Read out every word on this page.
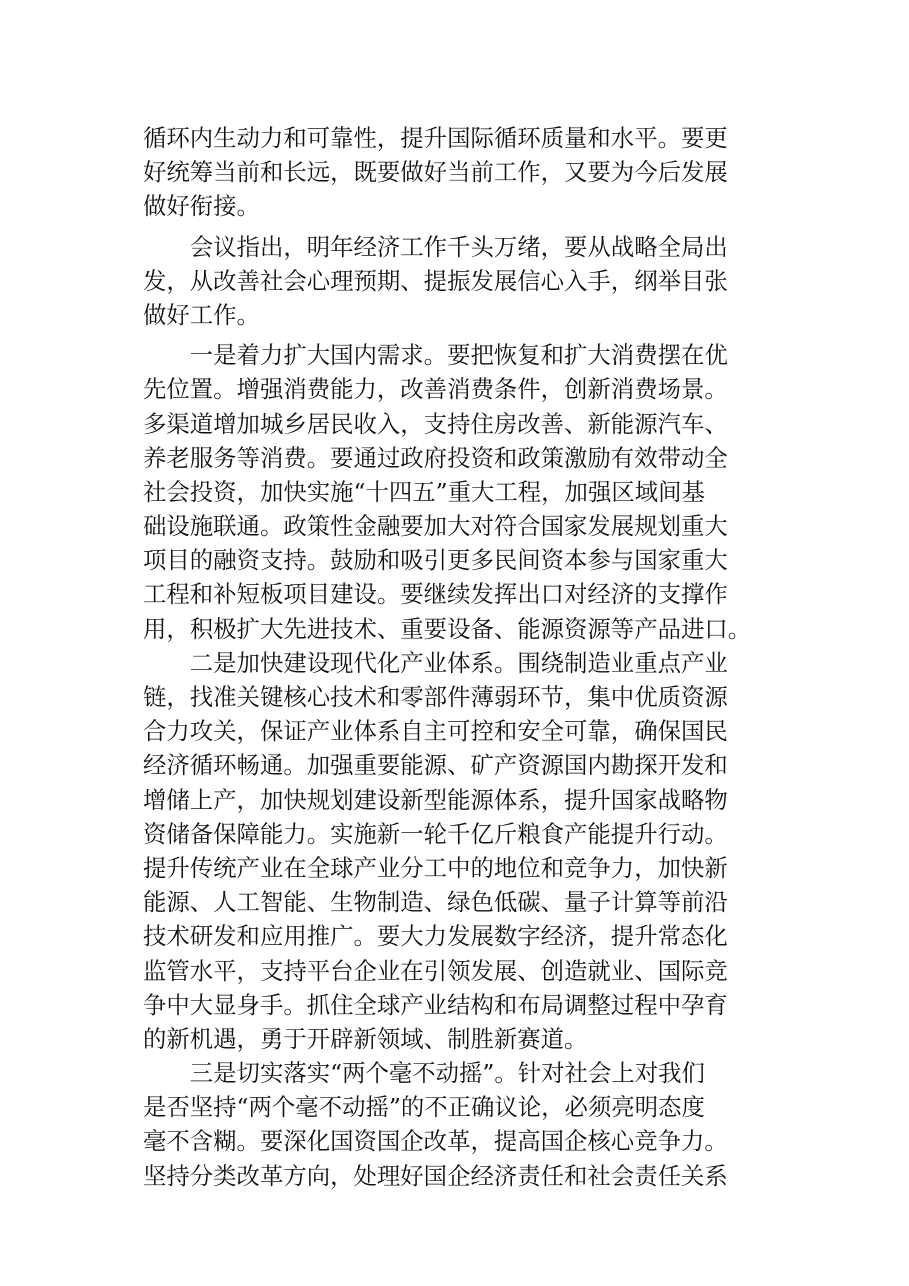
循环内生动力和可靠性，提升国际循环质量和水平。要更
好统筹当前和长远，既要做好当前工作，又要为今后发展
做好衔接。
　　会议指出，明年经济工作千头万绪，要从战略全局出
发，从改善社会心理预期、提振发展信心入手，纲举目张
做好工作。
　　一是着力扩大国内需求。要把恢复和扩大消费摆在优
先位置。增强消费能力，改善消费条件，创新消费场景。
多渠道增加城乡居民收入，支持住房改善、新能源汽车、
养老服务等消费。要通过政府投资和政策激励有效带动全
社会投资，加快实施“十四五”重大工程，加强区域间基
础设施联通。政策性金融要加大对符合国家发展规划重大
项目的融资支持。鼓励和吸引更多民间资本参与国家重大
工程和补短板项目建设。要继续发挥出口对经济的支撑作
用，积极扩大先进技术、重要设备、能源资源等产品进口。
　　二是加快建设现代化产业体系。围绕制造业重点产业
链，找准关键核心技术和零部件薄弱环节，集中优质资源
合力攻关，保证产业体系自主可控和安全可靠，确保国民
经济循环畅通。加强重要能源、矿产资源国内勘探开发和
增储上产，加快规划建设新型能源体系，提升国家战略物
资储备保障能力。实施新一轮千亿斤粮食产能提升行动。
提升传统产业在全球产业分工中的地位和竞争力，加快新
能源、人工智能、生物制造、绿色低碳、量子计算等前沿
技术研发和应用推广。要大力发展数字经济，提升常态化
监管水平，支持平台企业在引领发展、创造就业、国际竞
争中大显身手。抓住全球产业结构和布局调整过程中孕育
的新机遇，勇于开辟新领域、制胜新赛道。
　　三是切实落实“两个毫不动摇”。针对社会上对我们
是否坚持“两个毫不动摇”的不正确议论，必须亮明态度
毫不含糊。要深化国资国企改革，提高国企核心竞争力。
坚持分类改革方向，处理好国企经济责任和社会责任关系
